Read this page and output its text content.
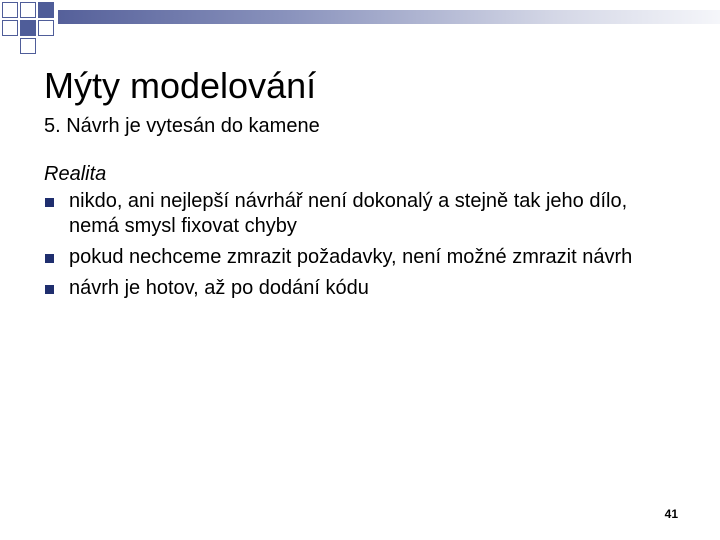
Mýty modelování
5. Návrh je vytesán do kamene
Realita
nikdo, ani nejlepší návrhář není dokonalý a stejně tak jeho dílo, nemá smysl fixovat chyby
pokud nechceme zmrazit požadavky, není možné zmrazit návrh
návrh je hotov, až po dodání kódu
41
